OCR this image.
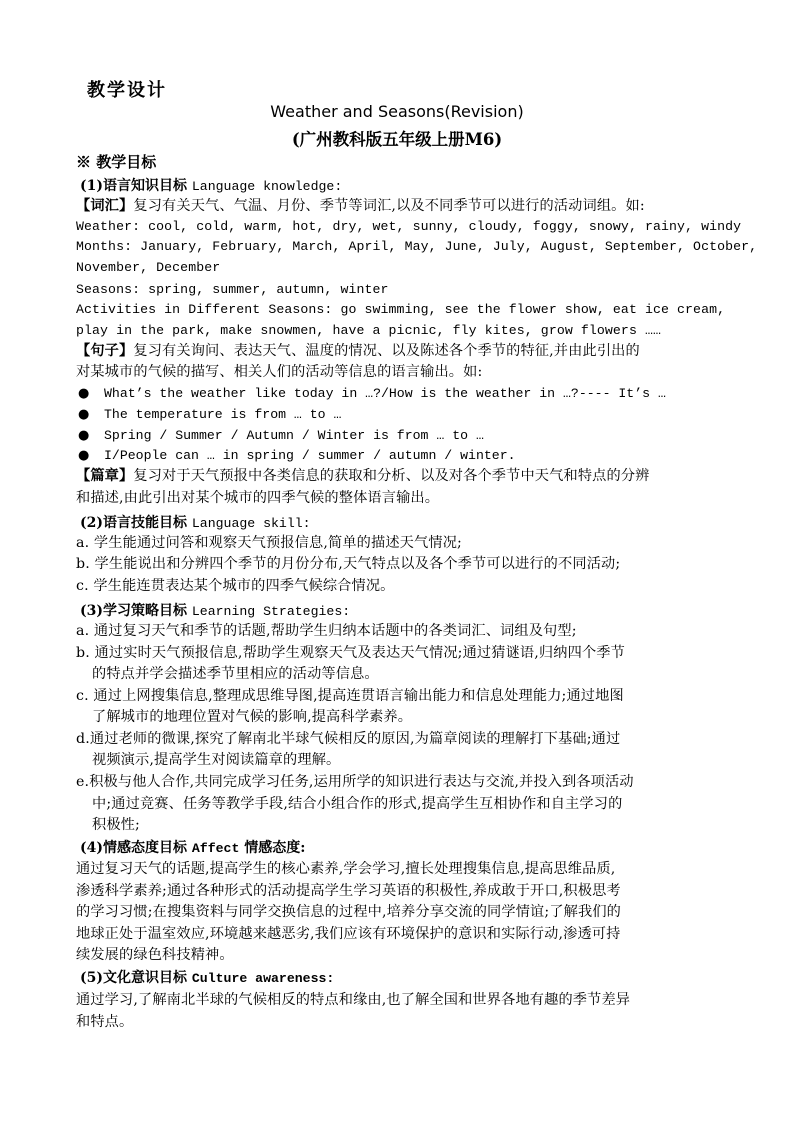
教学设计
Weather and Seasons(Revision)
(广州教科版五年级上册M6)
※ 教学目标
(1)语言知识目标 Language knowledge:
【词汇】复习有关天气、气温、月份、季节等词汇,以及不同季节可以进行的活动词组。如:
Weather: cool, cold, warm, hot, dry, wet, sunny, cloudy, foggy, snowy, rainy, windy
Months: January, February, March, April, May, June, July, August, September, October,
November, December
Seasons: spring, summer, autumn, winter
Activities in Different Seasons: go swimming, see the flower show, eat ice cream,
play in the park, make snowmen, have a picnic, fly kites, grow flowers ……
【句子】复习有关询问、表达天气、温度的情况、以及陈述各个季节的特征,并由此引出的
对某城市的气候的描写、相关人们的活动等信息的语言输出。如:
● What’s the weather like today in …?/How is the weather in …?---- It’s …
● The temperature is from … to …
● Spring / Summer / Autumn / Winter is from … to …
● I/People can … in spring / summer / autumn / winter.
【篇章】复习对于天气预报中各类信息的获取和分析、以及对各个季节中天气和特点的分辨
和描述,由此引出对某个城市的四季气候的整体语言输出。
(2)语言技能目标 Language skill:
a. 学生能通过问答和观察天气预报信息,简单的描述天气情况;
b. 学生能说出和分辨四个季节的月份分布,天气特点以及各个季节可以进行的不同活动;
c. 学生能连贯表达某个城市的四季气候综合情况。
(3)学习策略目标 Learning Strategies:
a. 通过复习天气和季节的话题,帮助学生归纳本话题中的各类词汇、词组及句型;
b. 通过实时天气预报信息,帮助学生观察天气及表达天气情况;通过猜谜语,归纳四个季节
的特点并学会描述季节里相应的活动等信息。
c. 通过上网搜集信息,整理成思维导图,提高连贯语言输出能力和信息处理能力;通过地图
了解城市的地理位置对气候的影响,提高科学素养。
d.通过老师的微课,探究了解南北半球气候相反的原因,为篇章阅读的理解打下基础;通过
视频演示,提高学生对阅读篇章的理解。
e.积极与他人合作,共同完成学习任务,运用所学的知识进行表达与交流,并投入到各项活动
中;通过竞赛、任务等教学手段,结合小组合作的形式,提高学生互相协作和自主学习的
积极性;
(4)情感态度目标 Affect 情感态度:
通过复习天气的话题,提高学生的核心素养,学会学习,擅长处理搜集信息,提高思维品质,
渗透科学素养;通过各种形式的活动提高学生学习英语的积极性,养成敢于开口,积极思考
的学习习惯;在搜集资料与同学交换信息的过程中,培养分享交流的同学情谊;了解我们的
地球正处于温室效应,环境越来越恶劣,我们应该有环境保护的意识和实际行动,渗透可持
续发展的绿色科技精神。
(5)文化意识目标 Culture awareness:
通过学习,了解南北半球的气候相反的特点和缘由,也了解全国和世界各地有趣的季节差异
和特点。
